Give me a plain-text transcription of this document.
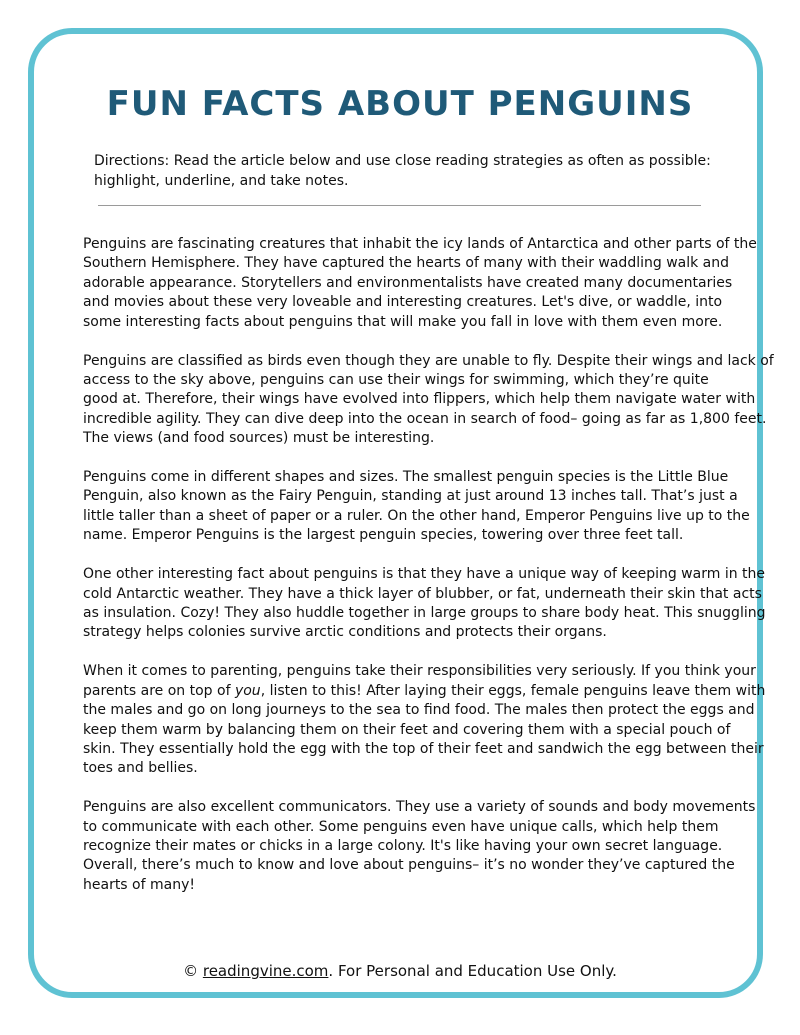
FUN FACTS ABOUT PENGUINS
Directions: Read the article below and use close reading strategies as often as possible:
highlight, underline, and take notes.

Penguins are fascinating creatures that inhabit the icy lands of Antarctica and other parts of the
Southern Hemisphere. They have captured the hearts of many with their waddling walk and
adorable appearance. Storytellers and environmentalists have created many documentaries
and movies about these very loveable and interesting creatures. Let's dive, or waddle, into
some interesting facts about penguins that will make you fall in love with them even more.

Penguins are classified as birds even though they are unable to fly. Despite their wings and lack of
access to the sky above, penguins can use their wings for swimming, which they’re quite
good at. Therefore, their wings have evolved into flippers, which help them navigate water with
incredible agility. They can dive deep into the ocean in search of food– going as far as 1,800 feet.
The views (and food sources) must be interesting.

Penguins come in different shapes and sizes. The smallest penguin species is the Little Blue
Penguin, also known as the Fairy Penguin, standing at just around 13 inches tall. That’s just a
little taller than a sheet of paper or a ruler. On the other hand, Emperor Penguins live up to the
name. Emperor Penguins is the largest penguin species, towering over three feet tall.

One other interesting fact about penguins is that they have a unique way of keeping warm in the
cold Antarctic weather. They have a thick layer of blubber, or fat, underneath their skin that acts
as insulation. Cozy! They also huddle together in large groups to share body heat. This snuggling
strategy helps colonies survive arctic conditions and protects their organs.

When it comes to parenting, penguins take their responsibilities very seriously. If you think your
parents are on top of you, listen to this! After laying their eggs, female penguins leave them with
the males and go on long journeys to the sea to find food. The males then protect the eggs and
keep them warm by balancing them on their feet and covering them with a special pouch of
skin. They essentially hold the egg with the top of their feet and sandwich the egg between their
toes and bellies.

Penguins are also excellent communicators. They use a variety of sounds and body movements
to communicate with each other. Some penguins even have unique calls, which help them
recognize their mates or chicks in a large colony. It's like having your own secret language.
Overall, there’s much to know and love about penguins– it’s no wonder they’ve captured the
hearts of many!

© readingvine.com. For Personal and Education Use Only.
